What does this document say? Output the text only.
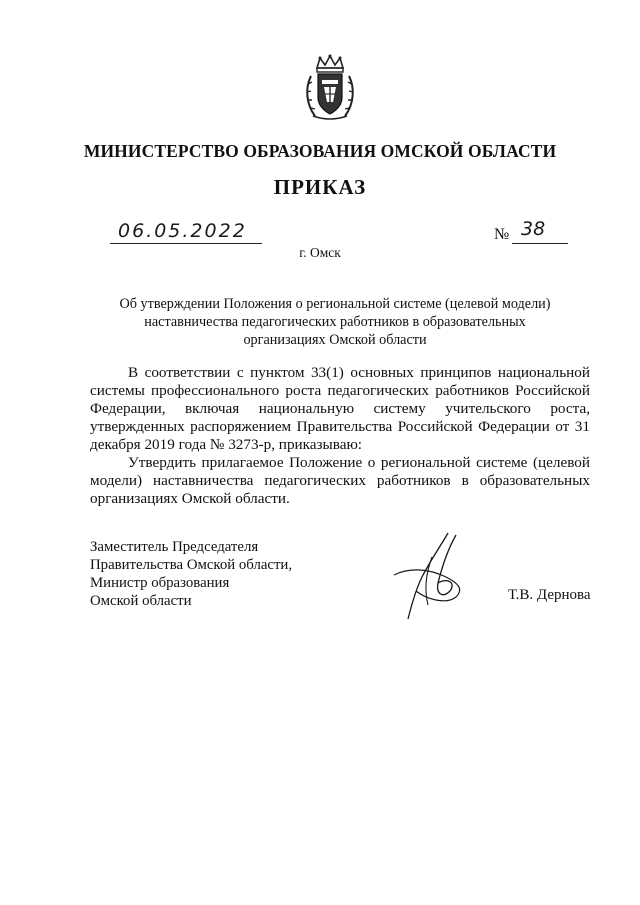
МИНИСТЕРСТВО ОБРАЗОВАНИЯ ОМСКОЙ ОБЛАСТИ
ПРИКАЗ
06.05.2022	№ 38
г. Омск
Об утверждении Положения о региональной системе (целевой модели)
наставничества педагогических работников в образовательных
организациях Омской области

В соответствии с пунктом 33(1) основных принципов национальной системы профессионального роста педагогических работников Российской Федерации, включая национальную систему учительского роста, утвержденных распоряжением Правительства Российской Федерации от 31 декабря 2019 года № 3273-р, приказываю:

Утвердить прилагаемое Положение о региональной системе (целевой модели) наставничества педагогических работников в образовательных организациях Омской области.

Заместитель Председателя
Правительства Омской области,
Министр образования
Омской области	Т.В. Дернова
